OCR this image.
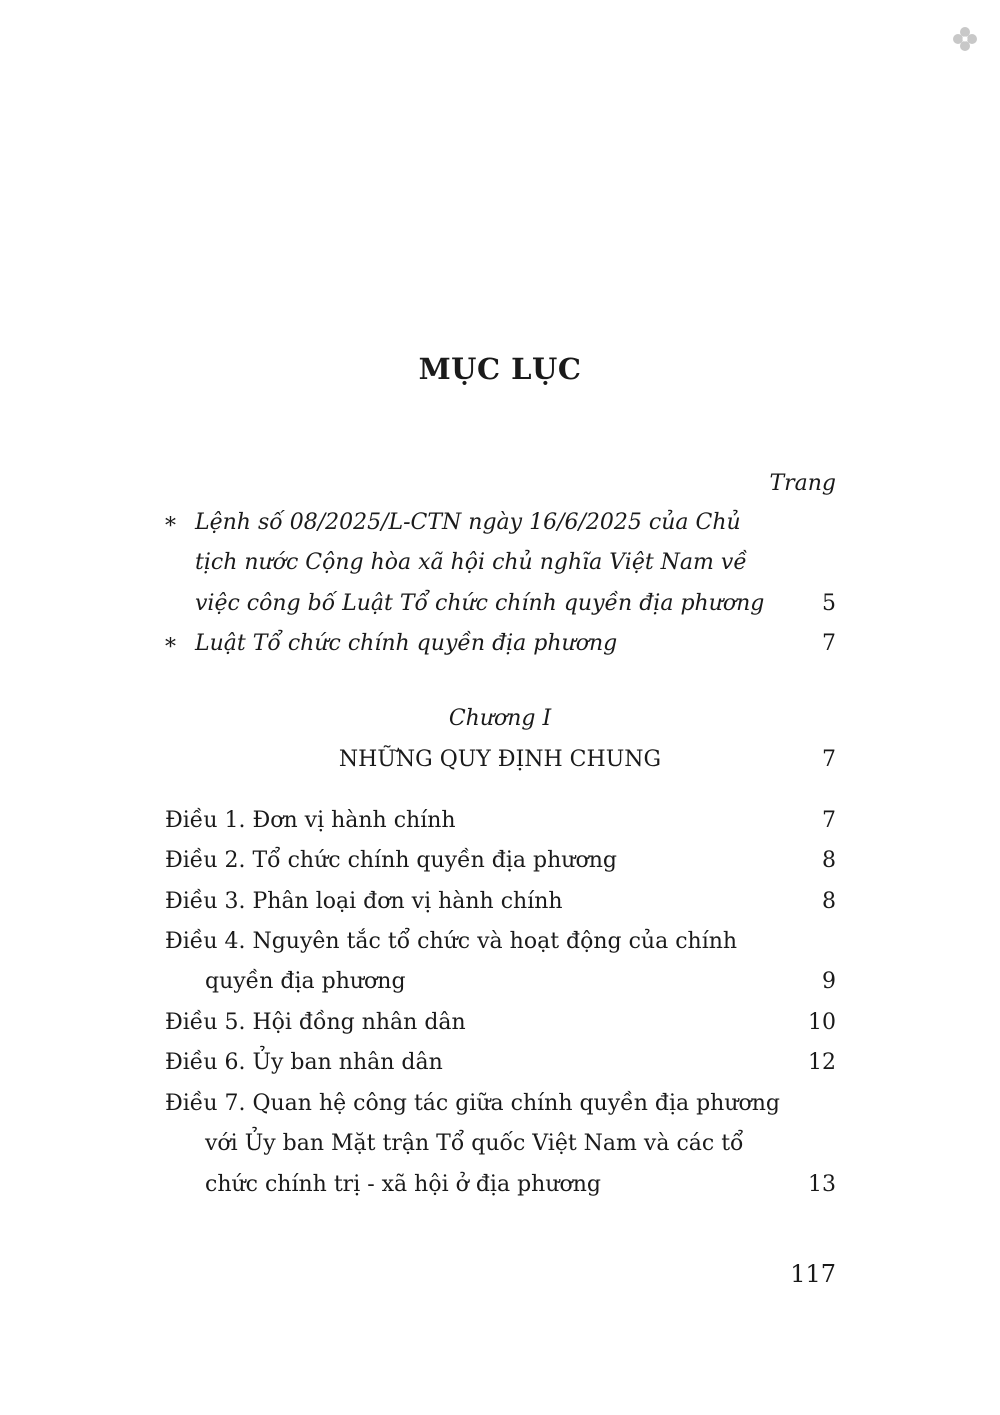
MỤC LỤC
Trang
* Lệnh số 08/2025/L-CTN ngày 16/6/2025 của Chủ
tịch nước Cộng hòa xã hội chủ nghĩa Việt Nam về
việc công bố Luật Tổ chức chính quyền địa phương	5
* Luật Tổ chức chính quyền địa phương	7
Chương I
NHỮNG QUY ĐỊNH CHUNG	7
Điều 1. Đơn vị hành chính	7
Điều 2. Tổ chức chính quyền địa phương	8
Điều 3. Phân loại đơn vị hành chính	8
Điều 4. Nguyên tắc tổ chức và hoạt động của chính
quyền địa phương	9
Điều 5. Hội đồng nhân dân	10
Điều 6. Ủy ban nhân dân	12
Điều 7. Quan hệ công tác giữa chính quyền địa phương
với Ủy ban Mặt trận Tổ quốc Việt Nam và các tổ
chức chính trị - xã hội ở địa phương	13
117
